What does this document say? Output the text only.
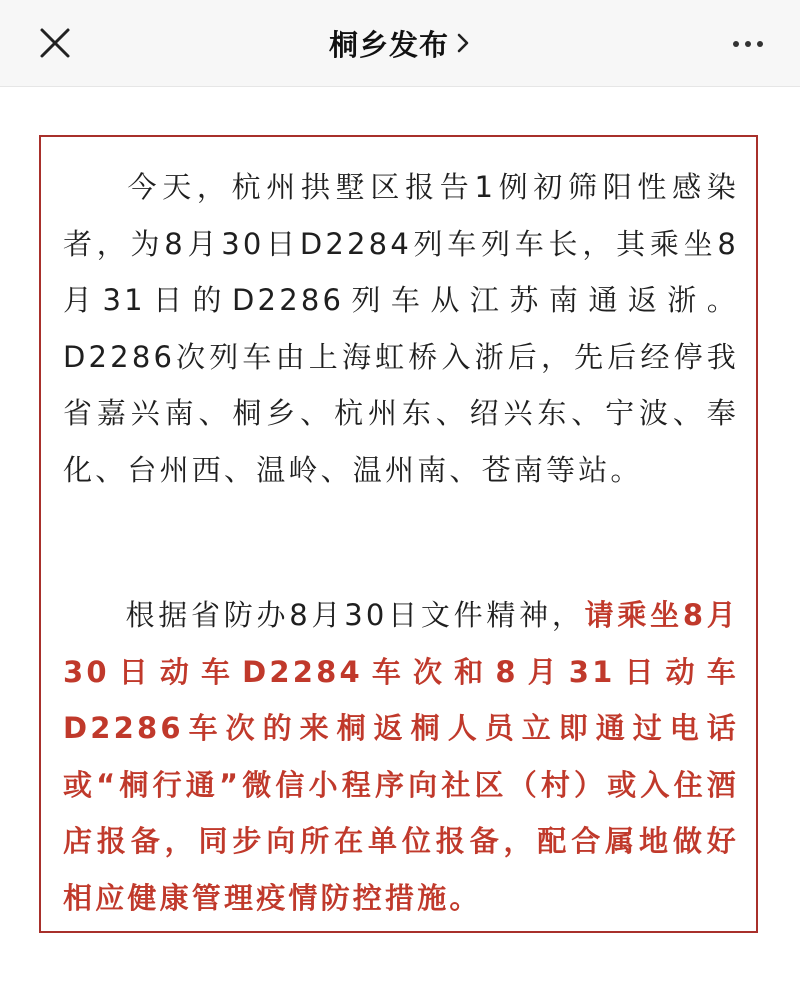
桐乡发布

今天，杭州拱墅区报告1例初筛阳性感染者，为8月30日D2284列车列车长，其乘坐8月31日的D2286列车从江苏南通返浙。D2286次列车由上海虹桥入浙后，先后经停我省嘉兴南、桐乡、杭州东、绍兴东、宁波、奉化、台州西、温岭、温州南、苍南等站。

根据省防办8月30日文件精神，请乘坐8月30日动车D2284车次和8月31日动车D2286车次的来桐返桐人员立即通过电话或“桐行通”微信小程序向社区（村）或入住酒店报备，同步向所在单位报备，配合属地做好相应健康管理疫情防控措施。
